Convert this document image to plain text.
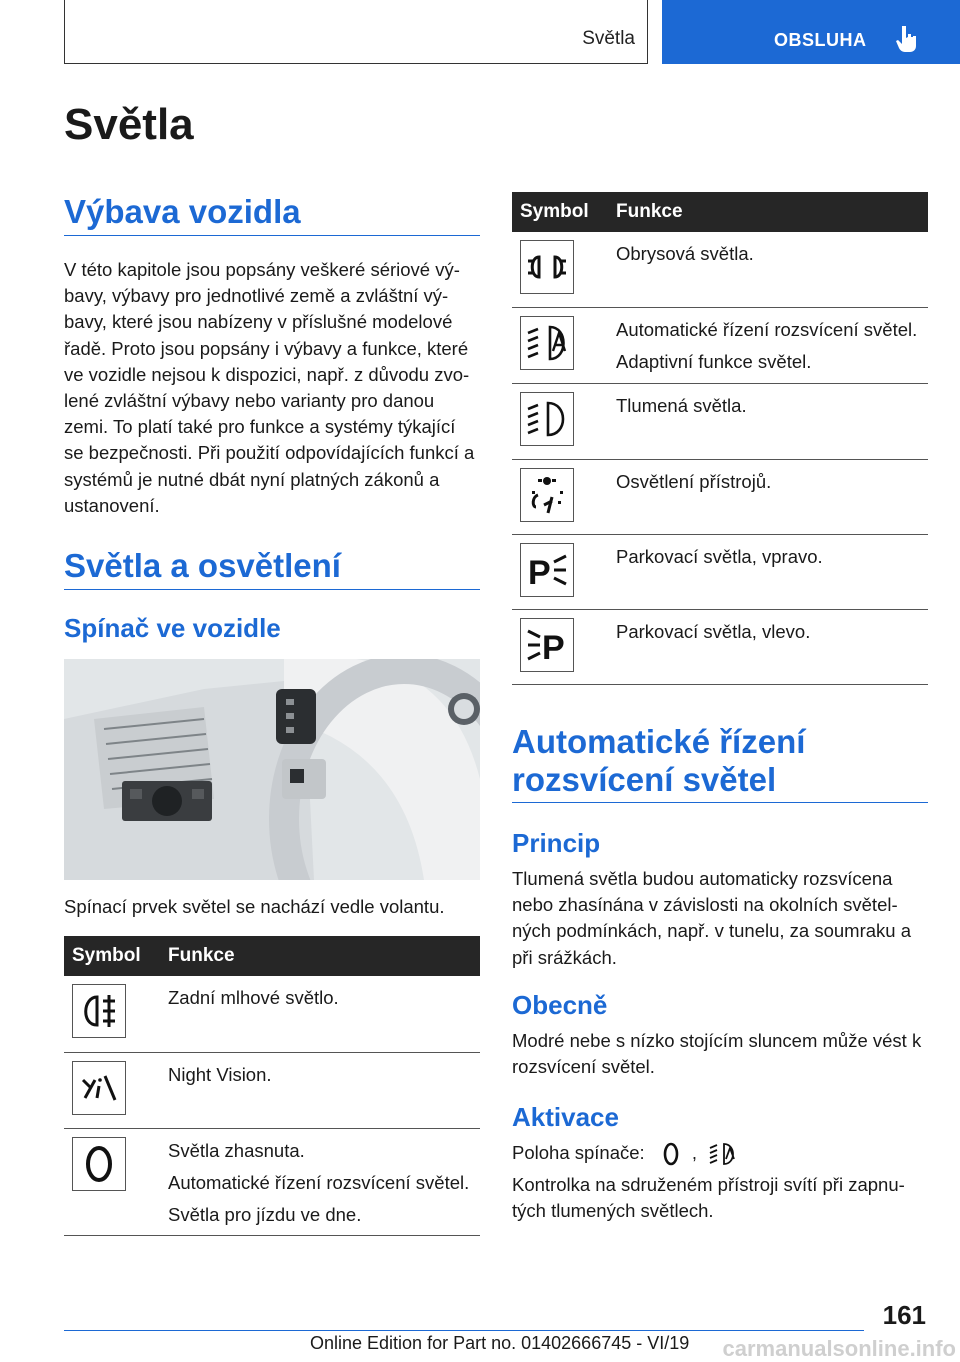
Světla	OBSLUHA
Světla
Výbava vozidla

V této kapitole jsou popsány veškeré sériové vý-bavy, výbavy pro jednotlivé země a zvláštní vý-bavy, které jsou nabízeny v příslušné modelové řadě. Proto jsou popsány i výbavy a funkce, které ve vozidle nejsou k dispozici, např. z důvodu zvo-lené zvláštní výbavy nebo varianty pro danou zemi. To platí také pro funkce a systémy týkající se bezpečnosti. Při použití odpovídajících funkcí a systémů je nutné dbát nyní platných zákonů a ustanovení.

Světla a osvětlení
Spínač ve vozidle

Spínací prvek světel se nachází vedle volantu.

Symbol	Funkce

Zadní mlhové světlo.

Night Vision.

Světla zhasnuta.
Automatické řízení rozsvícení světel.
Světla pro jízdu ve dne.
Symbol	Funkce

Obrysová světla.

Automatické řízení rozsvícení světel.
Adaptivní funkce světel.

Tlumená světla.

Osvětlení přístrojů.

P	Parkovací světla, vpravo.

P	Parkovací světla, vlevo.
Automatické řízení
rozsvícení světel
Princip

Tlumená světla budou automaticky rozsvícena nebo zhasínána v závislosti na okolních světel-ných podmínkách, např. v tunelu, za soumraku a při srážkách.

Obecně

Modré nebe s nízko stojícím sluncem může vést k rozsvícení světel.

Aktivace

Poloha spínače:	,

Kontrolka na sdruženém přístroji svítí při zapnu-tých tlumených světlech.

161
Online Edition for Part no. 01402666745 - VI/19 carmanualsonline.info
